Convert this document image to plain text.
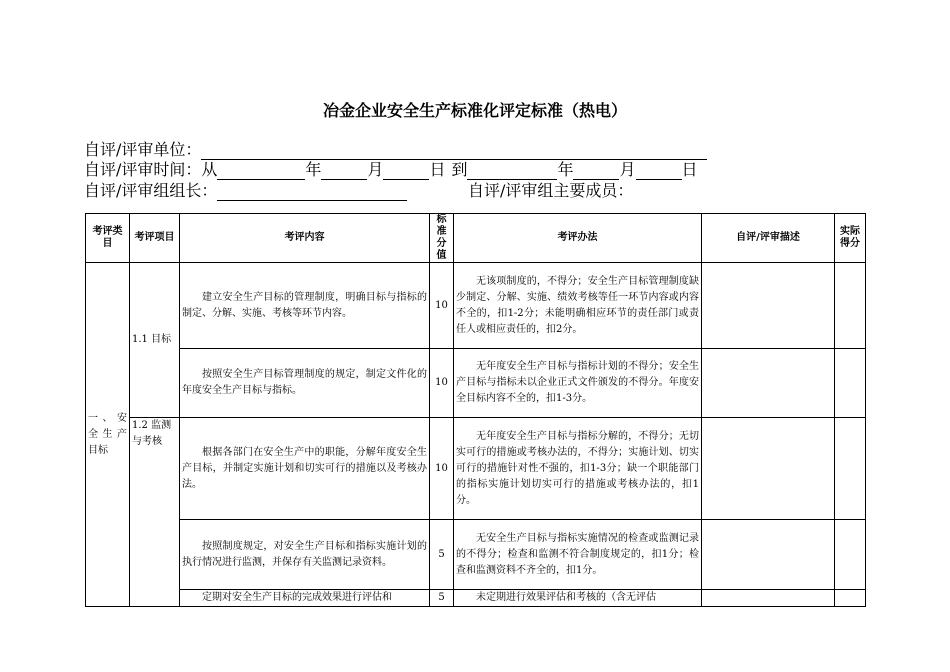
冶金企业安全生产标准化评定标准（热电）
自评/评审单位：
自评/评审时间：从	年	月	日 到	年	月	日
自评/评审组组长：	自评/评审组主要成员：
考评类目	考评项目	考评内容	标准分值	考评办法	自评/评审描述	实际得分
一、安全生产目标	1.1 目标	建立安全生产目标的管理制度，明确目标与指标的制定、分解、实施、考核等环节内容。	10	无该项制度的，不得分；安全生产目标管理制度缺少制定、分解、实施、绩效考核等任一环节内容或内容不全的，扣1-2分；未能明确相应环节的责任部门或责任人或相应责任的，扣2分。		
		按照安全生产目标管理制度的规定，制定文件化的年度安全生产目标与指标。	10	无年度安全生产目标与指标计划的不得分；安全生产目标与指标未以企业正式文件颁发的不得分。年度安全目标内容不全的，扣1-3分。		
	1.2 监测与考核	根据各部门在安全生产中的职能，分解年度安全生产目标，并制定实施计划和切实可行的措施以及考核办法。	10	无年度安全生产目标与指标分解的，不得分；无切实可行的措施或考核办法的，不得分；实施计划、切实可行的措施针对性不强的，扣1-3分；缺一个职能部门的指标实施计划切实可行的措施或考核办法的，扣1分。		
		按照制度规定，对安全生产目标和指标实施计划的执行情况进行监测，并保存有关监测记录资料。	5	无安全生产目标与指标实施情况的检查或监测记录的不得分；检查和监测不符合制度规定的，扣1分；检查和监测资料不齐全的，扣1分。		
		定期对安全生产目标的完成效果进行评估和	5	未定期进行效果评估和考核的（含无评估		
